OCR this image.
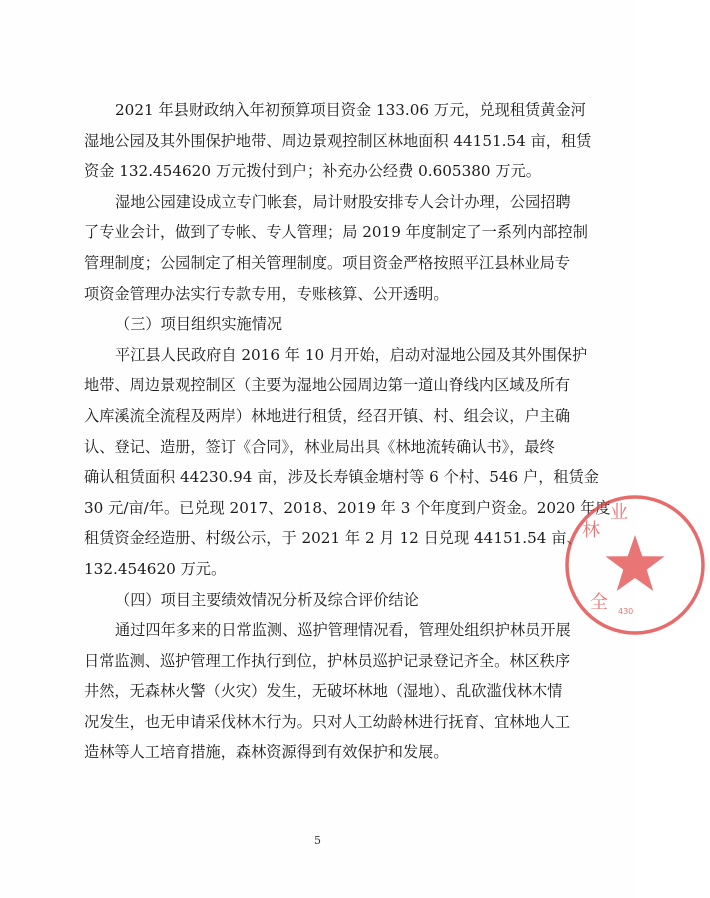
2021 年县财政纳入年初预算项目资金 133.06 万元，兑现租赁黄金河
湿地公园及其外围保护地带、周边景观控制区林地面积 44151.54 亩，租赁
资金 132.454620 万元拨付到户；补充办公经费 0.605380 万元。
湿地公园建设成立专门帐套，局计财股安排专人会计办理，公园招聘
了专业会计，做到了专帐、专人管理；局 2019 年度制定了一系列内部控制
管理制度；公园制定了相关管理制度。项目资金严格按照平江县林业局专
项资金管理办法实行专款专用，专账核算、公开透明。
（三）项目组织实施情况
平江县人民政府自 2016 年 10 月开始，启动对湿地公园及其外围保护
地带、周边景观控制区（主要为湿地公园周边第一道山脊线内区域及所有
入库溪流全流程及两岸）林地进行租赁，经召开镇、村、组会议，户主确
认、登记、造册，签订《合同》，林业局出具《林地流转确认书》，最终
确认租赁面积 44230.94 亩，涉及长寿镇金塘村等 6 个村、546 户，租赁金
30 元/亩/年。已兑现 2017、2018、2019 年 3 个年度到户资金。2020 年度
租赁资金经造册、村级公示，于 2021 年 2 月 12 日兑现 44151.54 亩、
132.454620 万元。
（四）项目主要绩效情况分析及综合评价结论
通过四年多来的日常监测、巡护管理情况看，管理处组织护林员开展
日常监测、巡护管理工作执行到位，护林员巡护记录登记齐全。林区秩序
井然，无森林火警（火灾）发生，无破坏林地（湿地）、乱砍滥伐林木情
况发生，也无申请采伐林木行为。只对人工幼龄林进行抚育、宜林地人工
造林等人工培育措施，森林资源得到有效保护和发展。
5
林
业
全 430
